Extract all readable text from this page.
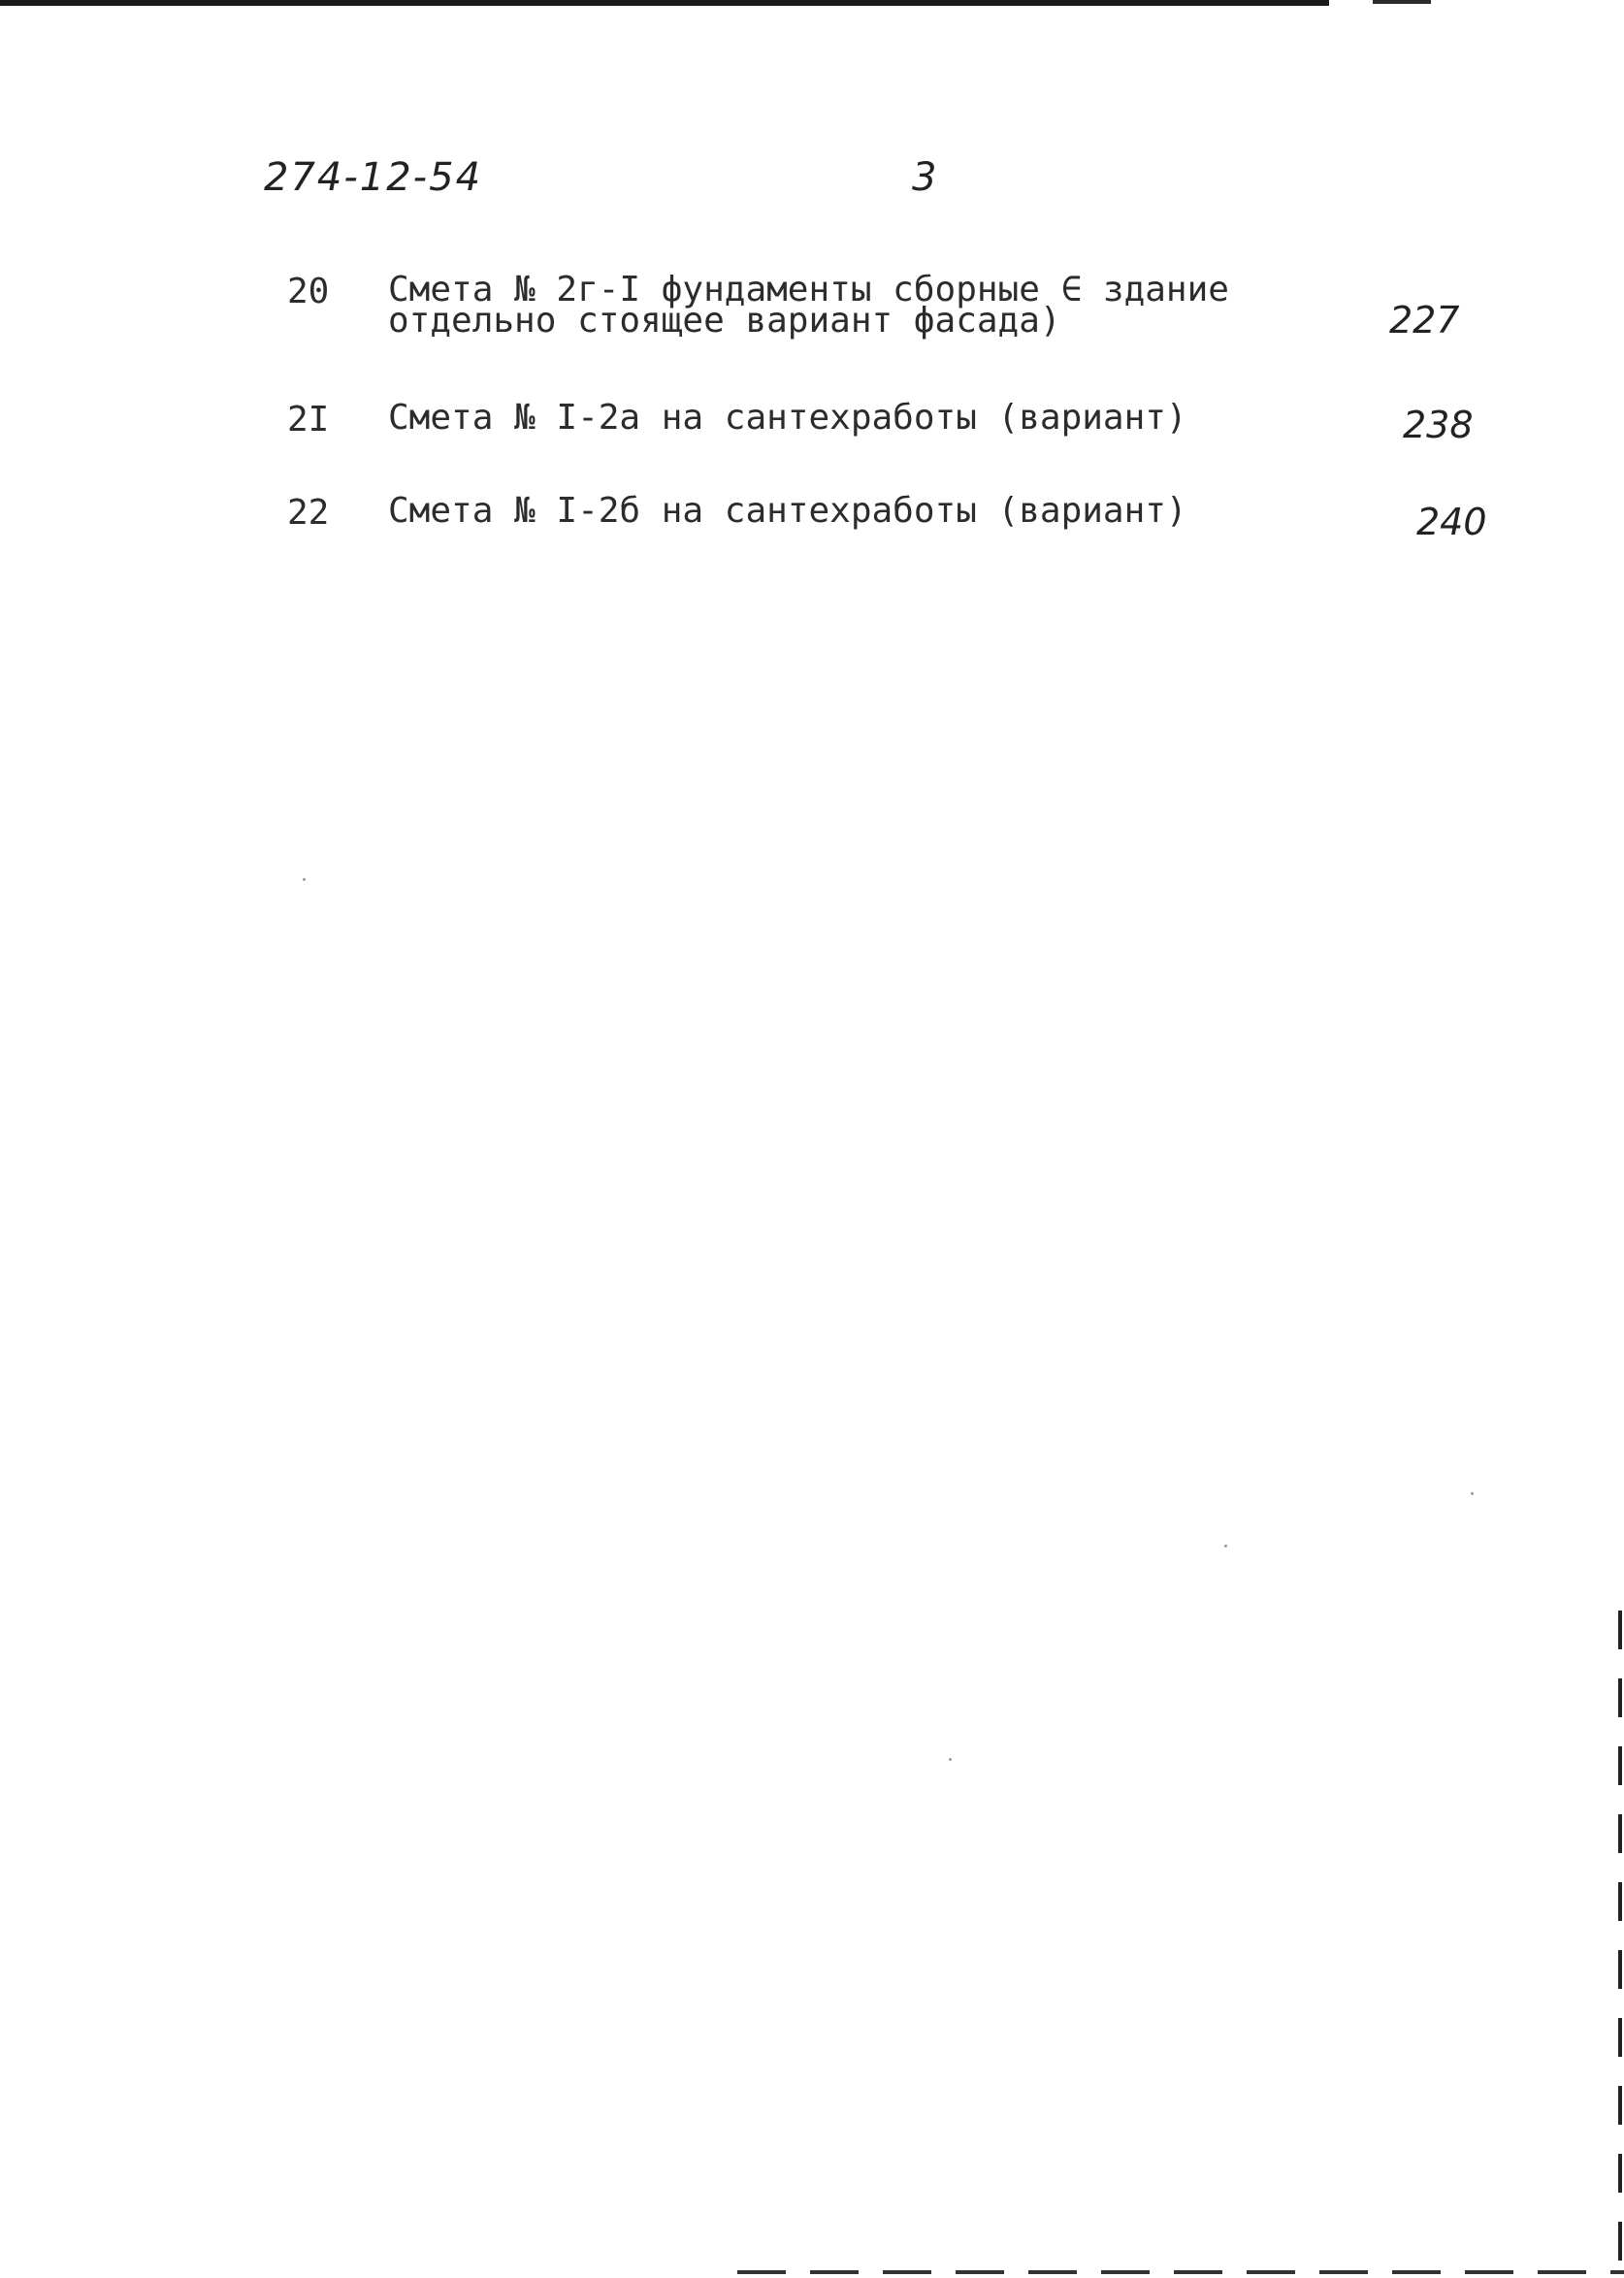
274-12-54	3
20 Смета № 2г-I фундаменты сборные ∈ здание
отдельно стоящее вариант фасада)	227
2I Смета № I-2а на сантехработы (вариант)	238
22 Смета № I-2б на сантехработы (вариант)	240
